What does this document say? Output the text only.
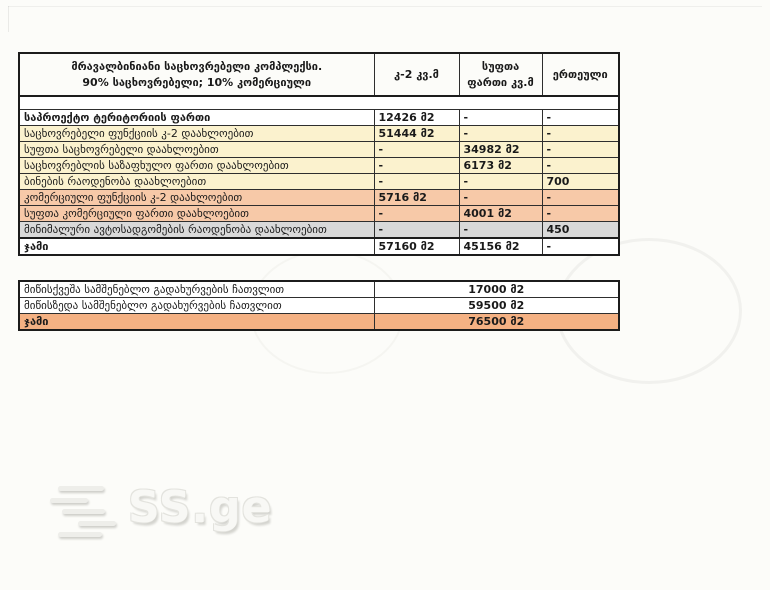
მრავალბინიანი საცხოვრებელი კომპლექსი.
90% საცხოვრებელი; 10% კომერციული	კ-2 კვ.მ	სუფთა ფართი კვ.მ	ერთეული

საპროექტო ტერიტორიის ფართი	12426 მ2	-	-
საცხოვრებელი ფუნქციის კ-2 დაახლოებით	51444 მ2	-	-
სუფთა საცხოვრებელი დაახლოებით	-	34982 მ2	-
საცხოვრებლის საზაფხულო ფართი დაახლოებით	-	6173 მ2	-
ბინების რაოდენობა დაახლოებით	-	-	700
კომერციული ფუნქციის კ-2 დაახლოებით	5716 მ2	-	-
სუფთა კომერციული ფართი დაახლოებით	-	4001 მ2	-
მინიმალური ავტოსადგომების რაოდენობა დაახლოებით	-	-	450
ჯამი	57160 მ2	45156 მ2	-
მიწისქვეშა სამშენებლო გადახურვების ჩათვლით	17000 მ2
მიწისზედა სამშენებლო გადახურვების ჩათვლით	59500 მ2
ჯამი	76500 მ2
SS.ge
